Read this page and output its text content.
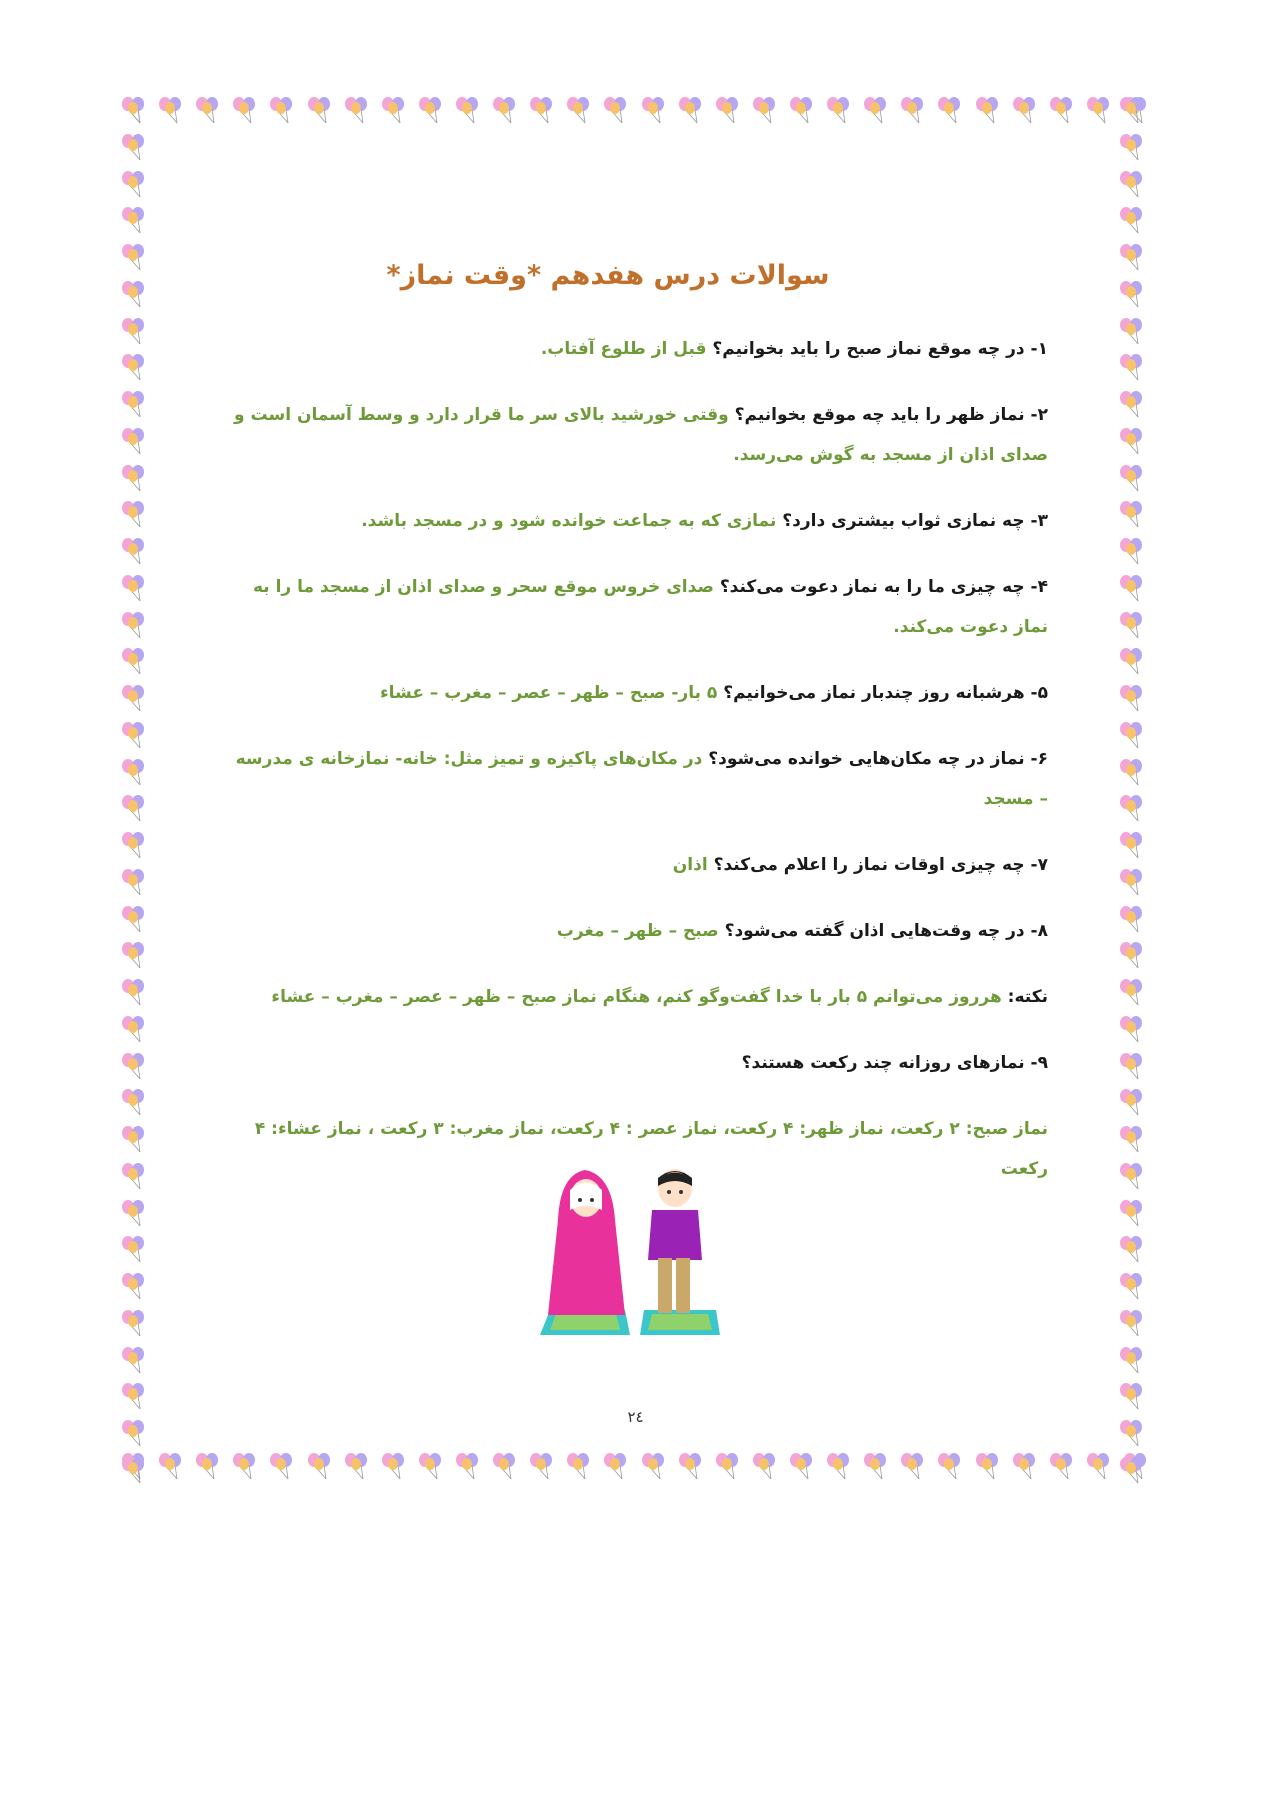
سوالات درس هفدهم *وقت نماز*
۱- در چه موقع نماز صبح را باید بخوانیم؟ قبل از طلوع آفتاب.
۲- نماز ظهر را باید چه موقع بخوانیم؟ وقتی خورشید بالای سر ما قرار دارد و وسط آسمان است و صدای اذان از مسجد به گوش می‌رسد.
۳- چه نمازی ثواب بیشتری دارد؟ نمازی که به جماعت خوانده شود و در مسجد باشد.
۴- چه چیزی ما را به نماز دعوت می‌کند؟ صدای خروس موقع سحر و صدای اذان از مسجد ما را به نماز دعوت می‌کند.
۵- هرشبانه روز چندبار نماز می‌خوانیم؟ ۵ بار- صبح – ظهر – عصر – مغرب – عشاء
۶- نماز در چه مکان‌هایی خوانده می‌شود؟ در مکان‌های پاکیزه و تمیز مثل: خانه- نمازخانه ی مدرسه – مسجد
۷- چه چیزی اوقات نماز را اعلام می‌کند؟ اذان
۸- در چه وقت‌هایی اذان گفته می‌شود؟ صبح – ظهر – مغرب
نکته: هرروز می‌توانم ۵ بار با خدا گفت‌وگو کنم، هنگام نماز صبح – ظهر – عصر – مغرب – عشاء
۹- نمازهای روزانه چند رکعت هستند؟
نماز صبح: ۲ رکعت، نماز ظهر: ۴ رکعت، نماز عصر : ۴ رکعت، نماز مغرب: ۳ رکعت ، نماز عشاء: ۴ رکعت
٢٤
